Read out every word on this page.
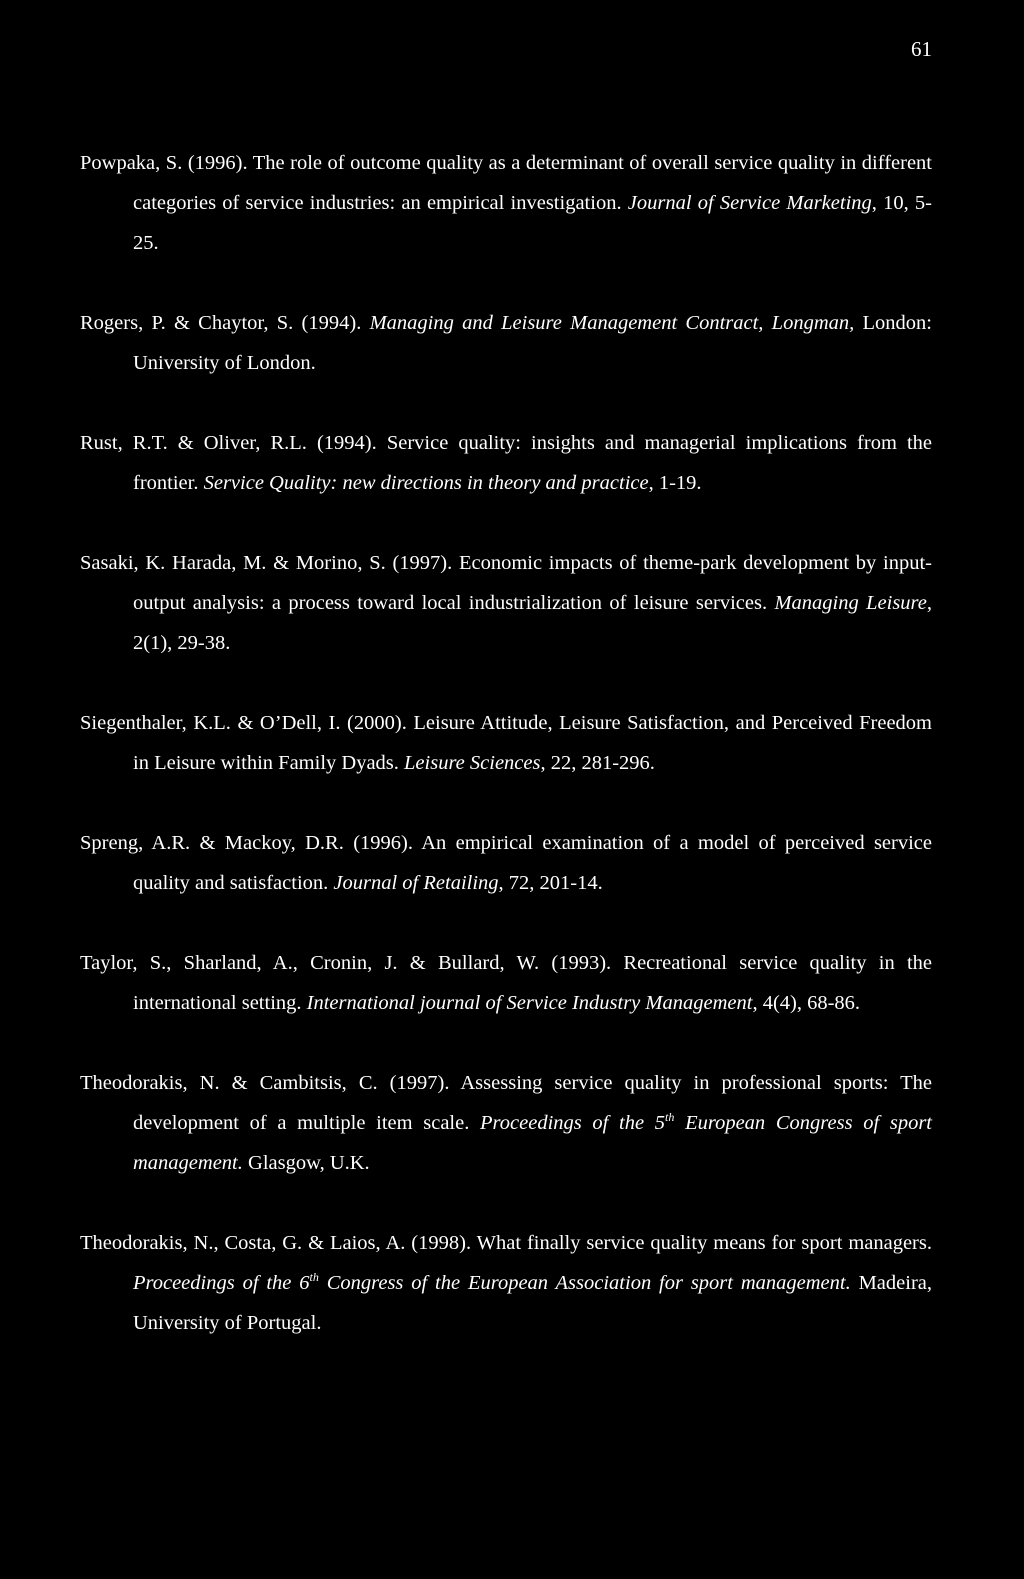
61
Powpaka, S. (1996). The role of outcome quality as a determinant of overall service quality in different categories of service industries: an empirical investigation. Journal of Service Marketing, 10, 5-25.
Rogers, P. & Chaytor, S. (1994). Managing and Leisure Management Contract, Longman, London: University of London.
Rust, R.T. & Oliver, R.L. (1994). Service quality: insights and managerial implications from the frontier. Service Quality: new directions in theory and practice, 1-19.
Sasaki, K. Harada, M. & Morino, S. (1997). Economic impacts of theme-park development by input-output analysis: a process toward local industrialization of leisure services. Managing Leisure, 2(1), 29-38.
Siegenthaler, K.L. & O’Dell, I. (2000). Leisure Attitude, Leisure Satisfaction, and Perceived Freedom in Leisure within Family Dyads. Leisure Sciences, 22, 281-296.
Spreng, A.R. & Mackoy, D.R. (1996). An empirical examination of a model of perceived service quality and satisfaction. Journal of Retailing, 72, 201-14.
Taylor, S., Sharland, A., Cronin, J. & Bullard, W. (1993). Recreational service quality in the international setting. International journal of Service Industry Management, 4(4), 68-86.
Theodorakis, N. & Cambitsis, C. (1997). Assessing service quality in professional sports: The development of a multiple item scale. Proceedings of the 5th European Congress of sport management. Glasgow, U.K.
Theodorakis, N., Costa, G. & Laios, A. (1998). What finally service quality means for sport managers. Proceedings of the 6th Congress of the European Association for sport management. Madeira, University of Portugal.
